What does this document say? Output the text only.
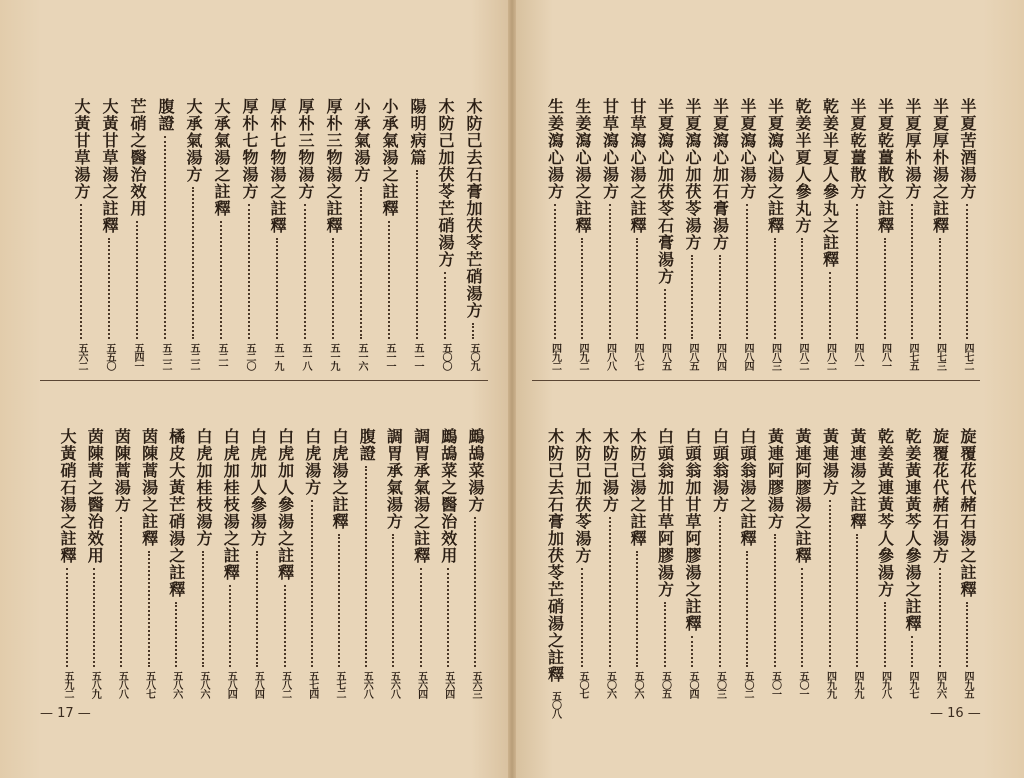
木防己去石膏加茯苓芒硝湯方
五〇九
木防己加茯苓芒硝湯方
五〇〇
陽明病篇
五一一
小承氣湯之註釋
五一一
小承氣湯方
五一六
厚朴三物湯之註釋
五一九
厚朴三物湯方
五一八
厚朴七物湯之註釋
五一九
厚朴七物湯方
五二〇
大承氣湯之註釋
五二一
大承氣湯方
五二二
腹證
五二二
芒硝之醫治效用
五四一
大黃甘草湯之註釋
五五〇
大黃甘草湯方
五六二
鷓鴣菜湯方
五六三
鷓鴣菜之醫治效用
五六四
調胃承氣湯之註釋
五六四
調胃承氣湯方
五六八
腹證
五六八
白虎湯之註釋
五七二
白虎湯方
五七四
白虎加人參湯之註釋
五八二
白虎加人參湯方
五八四
白虎加桂枝湯之註釋
五八四
白虎加桂枝湯方
五八六
橘皮大黃芒硝湯之註釋
五八六
茵陳蒿湯之註釋
五八七
茵陳蒿湯方
五八八
茵陳蒿之醫治效用
五八九
大黃硝石湯之註釋
五九二
— 17 —
半夏苦酒湯方
四七二
半夏厚朴湯之註釋
四七三
半夏厚朴湯方
四七五
半夏乾薑散之註釋
四八一
半夏乾薑散方
四八一
乾姜半夏人參丸之註釋
四八二
乾姜半夏人參丸方
四八二
半夏瀉心湯之註釋
四八三
半夏瀉心湯方
四八四
半夏瀉心加石膏湯方
四八四
半夏瀉心加茯苓湯方
四八五
半夏瀉心加茯苓石膏湯方
四八五
甘草瀉心湯之註釋
四八七
甘草瀉心湯方
四八八
生姜瀉心湯之註釋
四九二
生姜瀉心湯方
四九二
旋覆花代赭石湯之註釋
四九五
旋覆花代赭石湯方
四九六
乾姜黃連黃芩人參湯之註釋
四九七
乾姜黃連黃芩人參湯方
四九八
黃連湯之註釋
四九九
黃連湯方
四九九
黃連阿膠湯之註釋
五〇一
黃連阿膠湯方
五〇一
白頭翁湯之註釋
五〇二
白頭翁湯方
五〇三
白頭翁加甘草阿膠湯之註釋
五〇四
白頭翁加甘草阿膠湯方
五〇五
木防己湯之註釋
五〇六
木防己湯方
五〇六
木防己加茯苓湯方
五〇七
木防己去石膏加茯苓芒硝湯之註釋
五〇八	— 16 —
